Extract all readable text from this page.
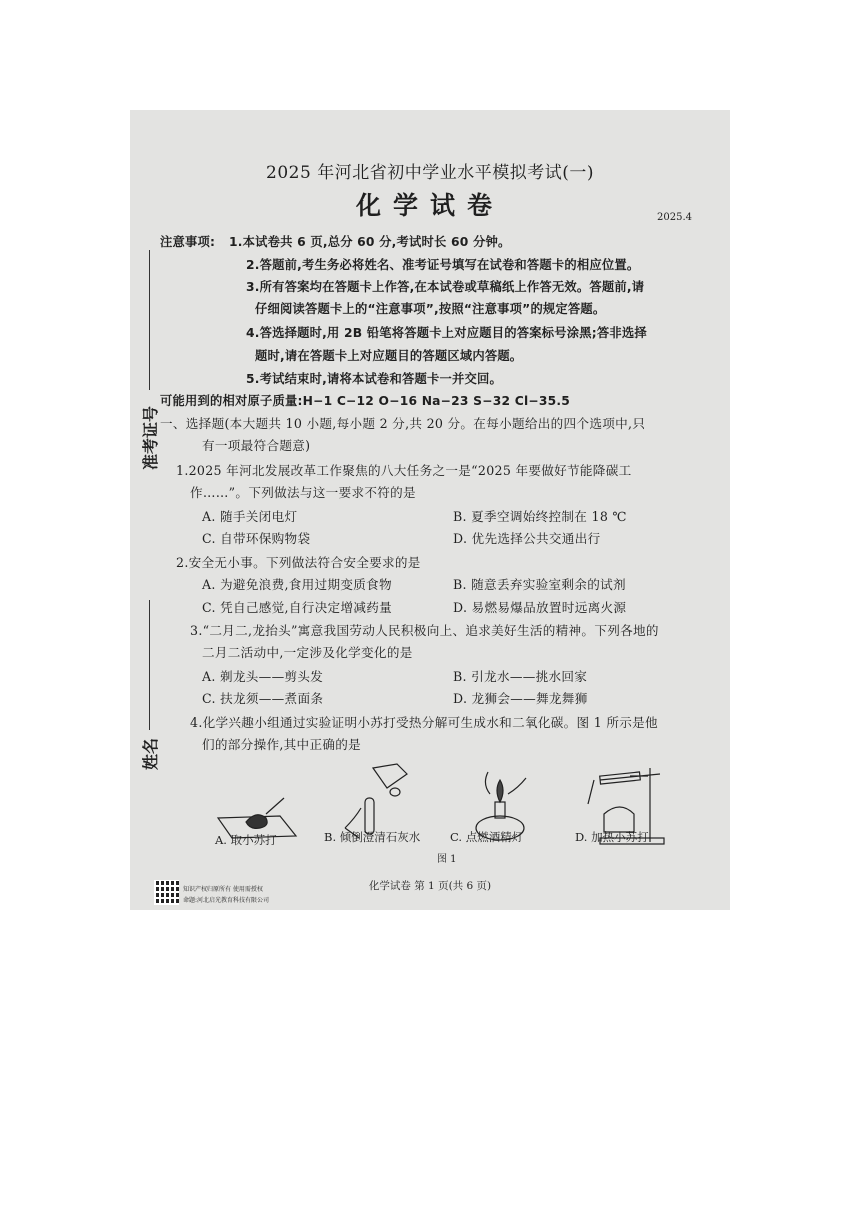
准考证号
姓名
2025 年河北省初中学业水平模拟考试(一)
化学试卷	2025.4
注意事项: 1.本试卷共 6 页,总分 60 分,考试时长 60 分钟。
2.答题前,考生务必将姓名、准考证号填写在试卷和答题卡的相应位置。
3.所有答案均在答题卡上作答,在本试卷或草稿纸上作答无效。答题前,请
仔细阅读答题卡上的“注意事项”,按照“注意事项”的规定答题。
4.答选择题时,用 2B 铅笔将答题卡上对应题目的答案标号涂黑;答非选择
题时,请在答题卡上对应题目的答题区域内答题。
5.考试结束时,请将本试卷和答题卡一并交回。
可能用到的相对原子质量:H−1 C−12 O−16 Na−23 S−32 Cl−35.5
一、选择题(本大题共 10 小题,每小题 2 分,共 20 分。在每小题给出的四个选项中,只
有一项最符合题意)
1.2025 年河北发展改革工作聚焦的八大任务之一是“2025 年要做好节能降碳工
作……”。下列做法与这一要求不符的是
A. 随手关闭电灯	B. 夏季空调始终控制在 18 ℃
C. 自带环保购物袋	D. 优先选择公共交通出行
2.安全无小事。下列做法符合安全要求的是
A. 为避免浪费,食用过期变质食物	B. 随意丢弃实验室剩余的试剂
C. 凭自己感觉,自行决定增减药量	D. 易燃易爆品放置时远离火源
3.“二月二,龙抬头”寓意我国劳动人民积极向上、追求美好生活的精神。下列各地的
二月二活动中,一定涉及化学变化的是
A. 剃龙头——剪头发	B. 引龙水——挑水回家
C. 扶龙须——煮面条	D. 龙狮会——舞龙舞狮
4.化学兴趣小组通过实验证明小苏打受热分解可生成水和二氧化碳。图 1 所示是他
们的部分操作,其中正确的是
A. 取小苏打	B. 倾倒澄清石灰水	C. 点燃酒精灯	D. 加热小苏打
图 1
知识产权归原所有 使用需授权
命题:河北启光教育科技有限公司
化学试卷 第 1 页(共 6 页)
